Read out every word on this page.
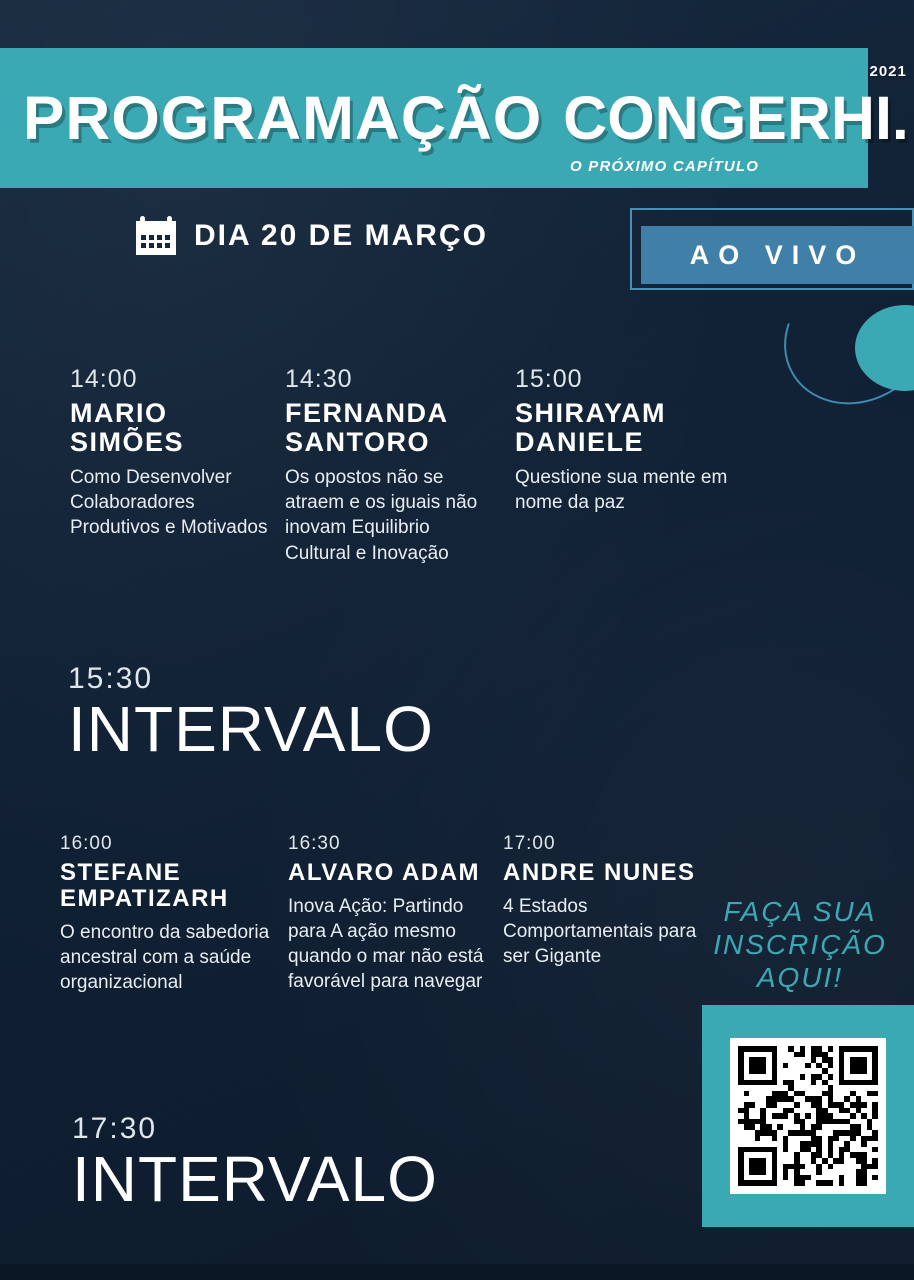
PROGRAMAÇÃO CONGERHI.
2021
O PRÓXIMO CAPÍTULO
DIA 20 DE MARÇO
AO VIVO
14:00
MARIO SIMÕES
Como Desenvolver Colaboradores Produtivos e Motivados
14:30
FERNANDA SANTORO
Os opostos não se atraem e os iguais não inovam Equilibrio Cultural e Inovação
15:00
SHIRAYAM DANIELE
Questione sua mente em nome da paz
16:00
STEFANE EMPATIZARH
O encontro da sabedoria ancestral com a saúde organizacional
16:30
ALVARO ADAM
Inova Ação: Partindo para A ação mesmo quando o mar não está favorável para navegar
17:00
ANDRE NUNES
4 Estados Comportamentais para ser Gigante
15:30
INTERVALO
17:30
INTERVALO
FAÇA SUA INSCRIÇÃO AQUI!
